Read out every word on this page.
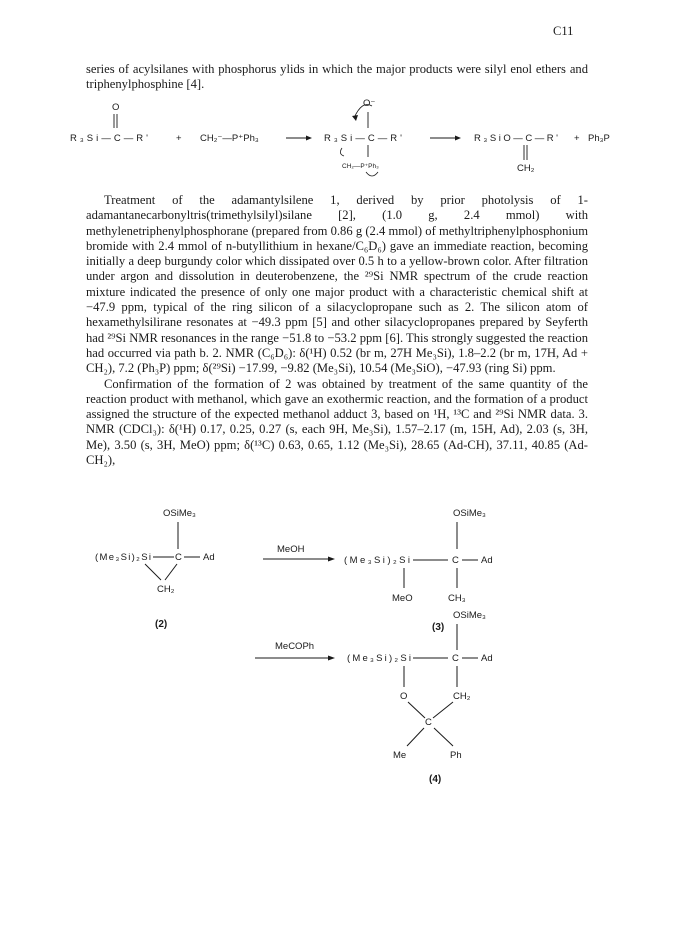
C11

series of acylsilanes with phosphorus ylids in which the major products were silyl enol ethers and triphenylphosphine [4].

O
R₃Si—C—R'	+ CH₂⁻—P⁺Ph₃
O⁻
R₃Si—C—R'
CH₂—P⁺Ph₃
R₃SiO—C—R'
CH₂
+ Ph₃P

Treatment of the adamantylsilene 1, derived by prior photolysis of 1-adamantanecarbonyltris(trimethylsilyl)silane [2], (1.0 g, 2.4 mmol) with methylenetriphenylphosphorane (prepared from 0.86 g (2.4 mmol) of methyltriphenylphosphonium bromide with 2.4 mmol of n-butyllithium in hexane/C₆D₆) gave an immediate reaction, becoming initially a deep burgundy color which dissipated over 0.5 h to a yellow-brown color. After filtration under argon and dissolution in deuterobenzene, the ²⁹Si NMR spectrum of the crude reaction mixture indicated the presence of only one major product with a characteristic chemical shift at −47.9 ppm, typical of the ring silicon of a silacyclopropane such as 2. The silicon atom of hexamethylsilirane resonates at −49.3 ppm [5] and other silacyclopropanes prepared by Seyferth had ²⁹Si NMR resonances in the range −51.8 to −53.2 ppm [6]. This strongly suggested the reaction had occurred via path b. 2. NMR (C₆D₆): δ(¹H) 0.52 (br m, 27H Me₃Si), 1.8–2.2 (br m, 17H, Ad + CH₂), 7.2 (Ph₃P) ppm; δ(²⁹Si) −17.99, −9.82 (Me₃Si), 10.54 (Me₃SiO), −47.93 (ring Si) ppm.

Confirmation of the formation of 2 was obtained by treatment of the same quantity of the reaction product with methanol, which gave an exothermic reaction, and the formation of a product assigned the structure of the expected methanol adduct 3, based on ¹H, ¹³C and ²⁹Si NMR data. 3. NMR (CDCl₃): δ(¹H) 0.17, 0.25, 0.27 (s, each 9H, Me₃Si), 1.57–2.17 (m, 15H, Ad), 2.03 (s, 3H, Me), 3.50 (s, 3H, MeO) ppm; δ(¹³C) 0.63, 0.65, 1.12 (Me₃Si), 28.65 (Ad-CH), 37.11, 40.85 (Ad-CH₂),

OSiMe₃
(Me₃Si)₂Si	C Ad
CH₂
(2)
MeOH
OSiMe₃
(Me₃Si)₂Si	C Ad
MeO	CH₃
(3)
MeCOPh
OSiMe₃
(Me₃Si)₂Si	C Ad
O	CH₂
C
Me	Ph
(4)
